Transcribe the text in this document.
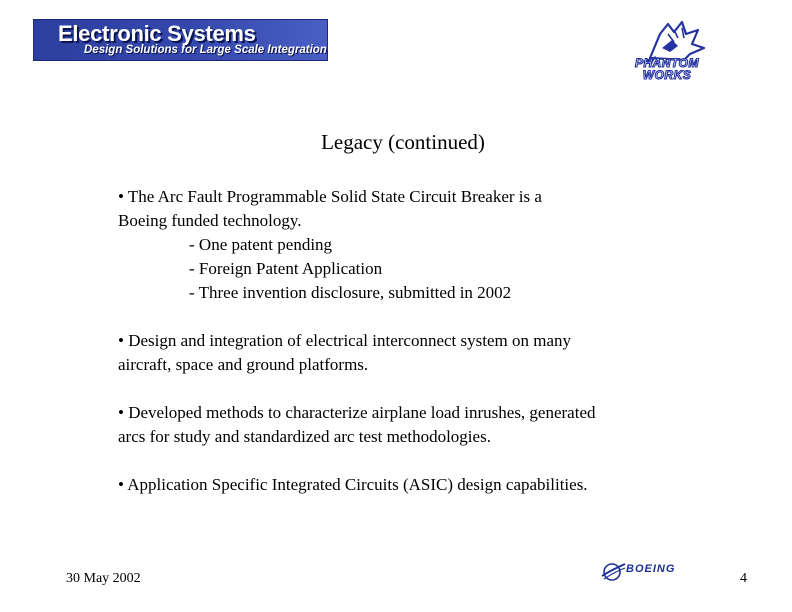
Electronic Systems
Design Solutions for Large Scale Integration
PHANTOM
WORKS
Legacy (continued)

• The Arc Fault Programmable Solid State Circuit Breaker is a

Boeing funded technology.

- One patent pending

- Foreign Patent Application

- Three invention disclosure, submitted in 2002

• Design and integration of electrical interconnect system on many

aircraft, space and ground platforms.

• Developed methods to characterize airplane load inrushes, generated

arcs for study and standardized arc test methodologies.

• Application Specific Integrated Circuits (ASIC) design capabilities.

30 May 2002
BOEING
4
